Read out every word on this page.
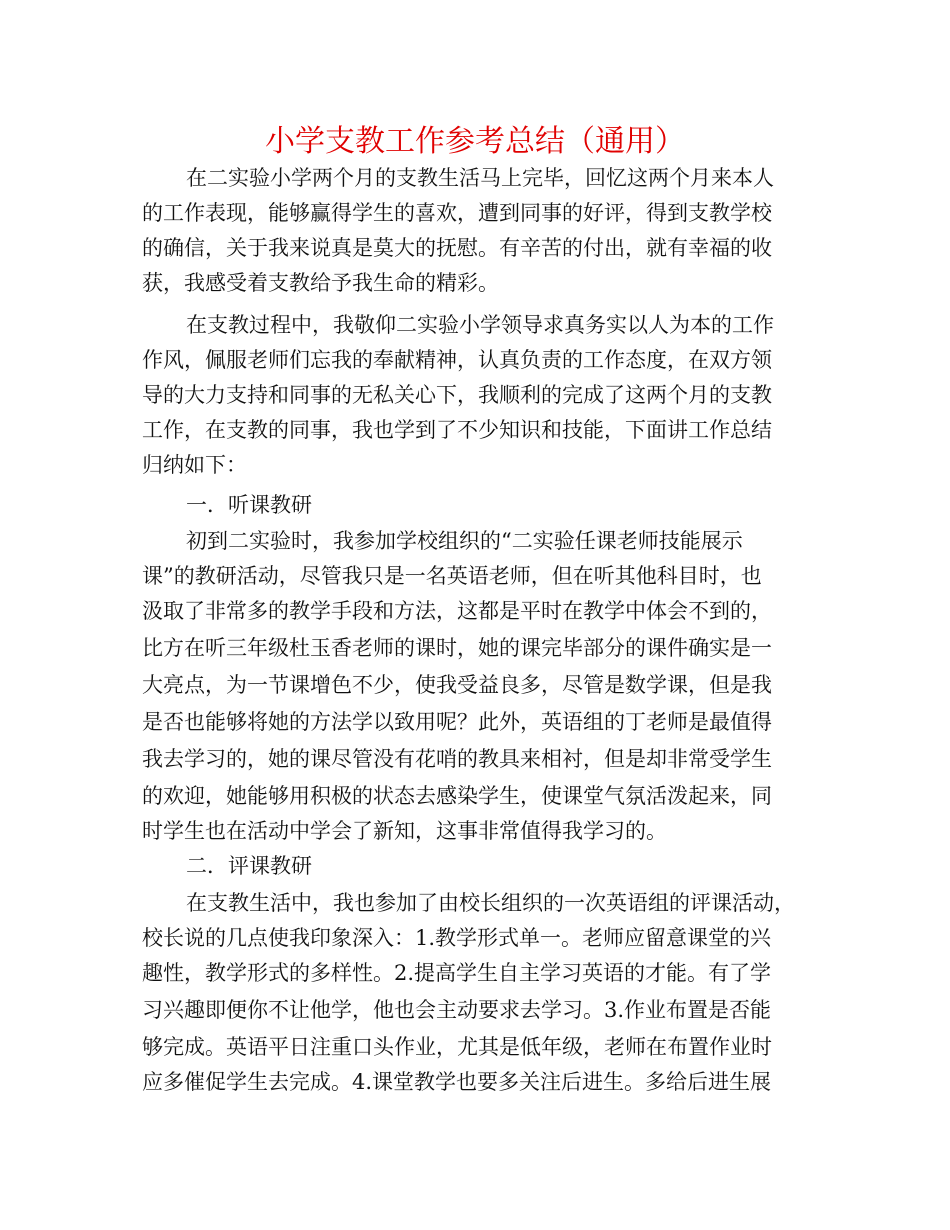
小学支教工作参考总结（通用）

在二实验小学两个月的支教生活马上完毕，回忆这两个月来本人

的工作表现，能够赢得学生的喜欢，遭到同事的好评，得到支教学校

的确信，关于我来说真是莫大的抚慰。有辛苦的付出，就有幸福的收

获，我感受着支教给予我生命的精彩。

在支教过程中，我敬仰二实验小学领导求真务实以人为本的工作

作风，佩服老师们忘我的奉献精神，认真负责的工作态度，在双方领

导的大力支持和同事的无私关心下，我顺利的完成了这两个月的支教

工作，在支教的同事，我也学到了不少知识和技能，下面讲工作总结

归纳如下：

一．听课教研

初到二实验时，我参加学校组织的“二实验任课老师技能展示

课”的教研活动，尽管我只是一名英语老师，但在听其他科目时，也

汲取了非常多的教学手段和方法，这都是平时在教学中体会不到的，

比方在听三年级杜玉香老师的课时，她的课完毕部分的课件确实是一

大亮点，为一节课增色不少，使我受益良多，尽管是数学课，但是我

是否也能够将她的方法学以致用呢？此外，英语组的丁老师是最值得

我去学习的，她的课尽管没有花哨的教具来相衬，但是却非常受学生

的欢迎，她能够用积极的状态去感染学生，使课堂气氛活泼起来，同

时学生也在活动中学会了新知，这事非常值得我学习的。

二．评课教研

在支教生活中，我也参加了由校长组织的一次英语组的评课活动，

校长说的几点使我印象深入：1.教学形式单一。老师应留意课堂的兴

趣性，教学形式的多样性。2.提高学生自主学习英语的才能。有了学

习兴趣即便你不让他学，他也会主动要求去学习。3.作业布置是否能

够完成。英语平日注重口头作业，尤其是低年级，老师在布置作业时

应多催促学生去完成。4.课堂教学也要多关注后进生。多给后进生展
